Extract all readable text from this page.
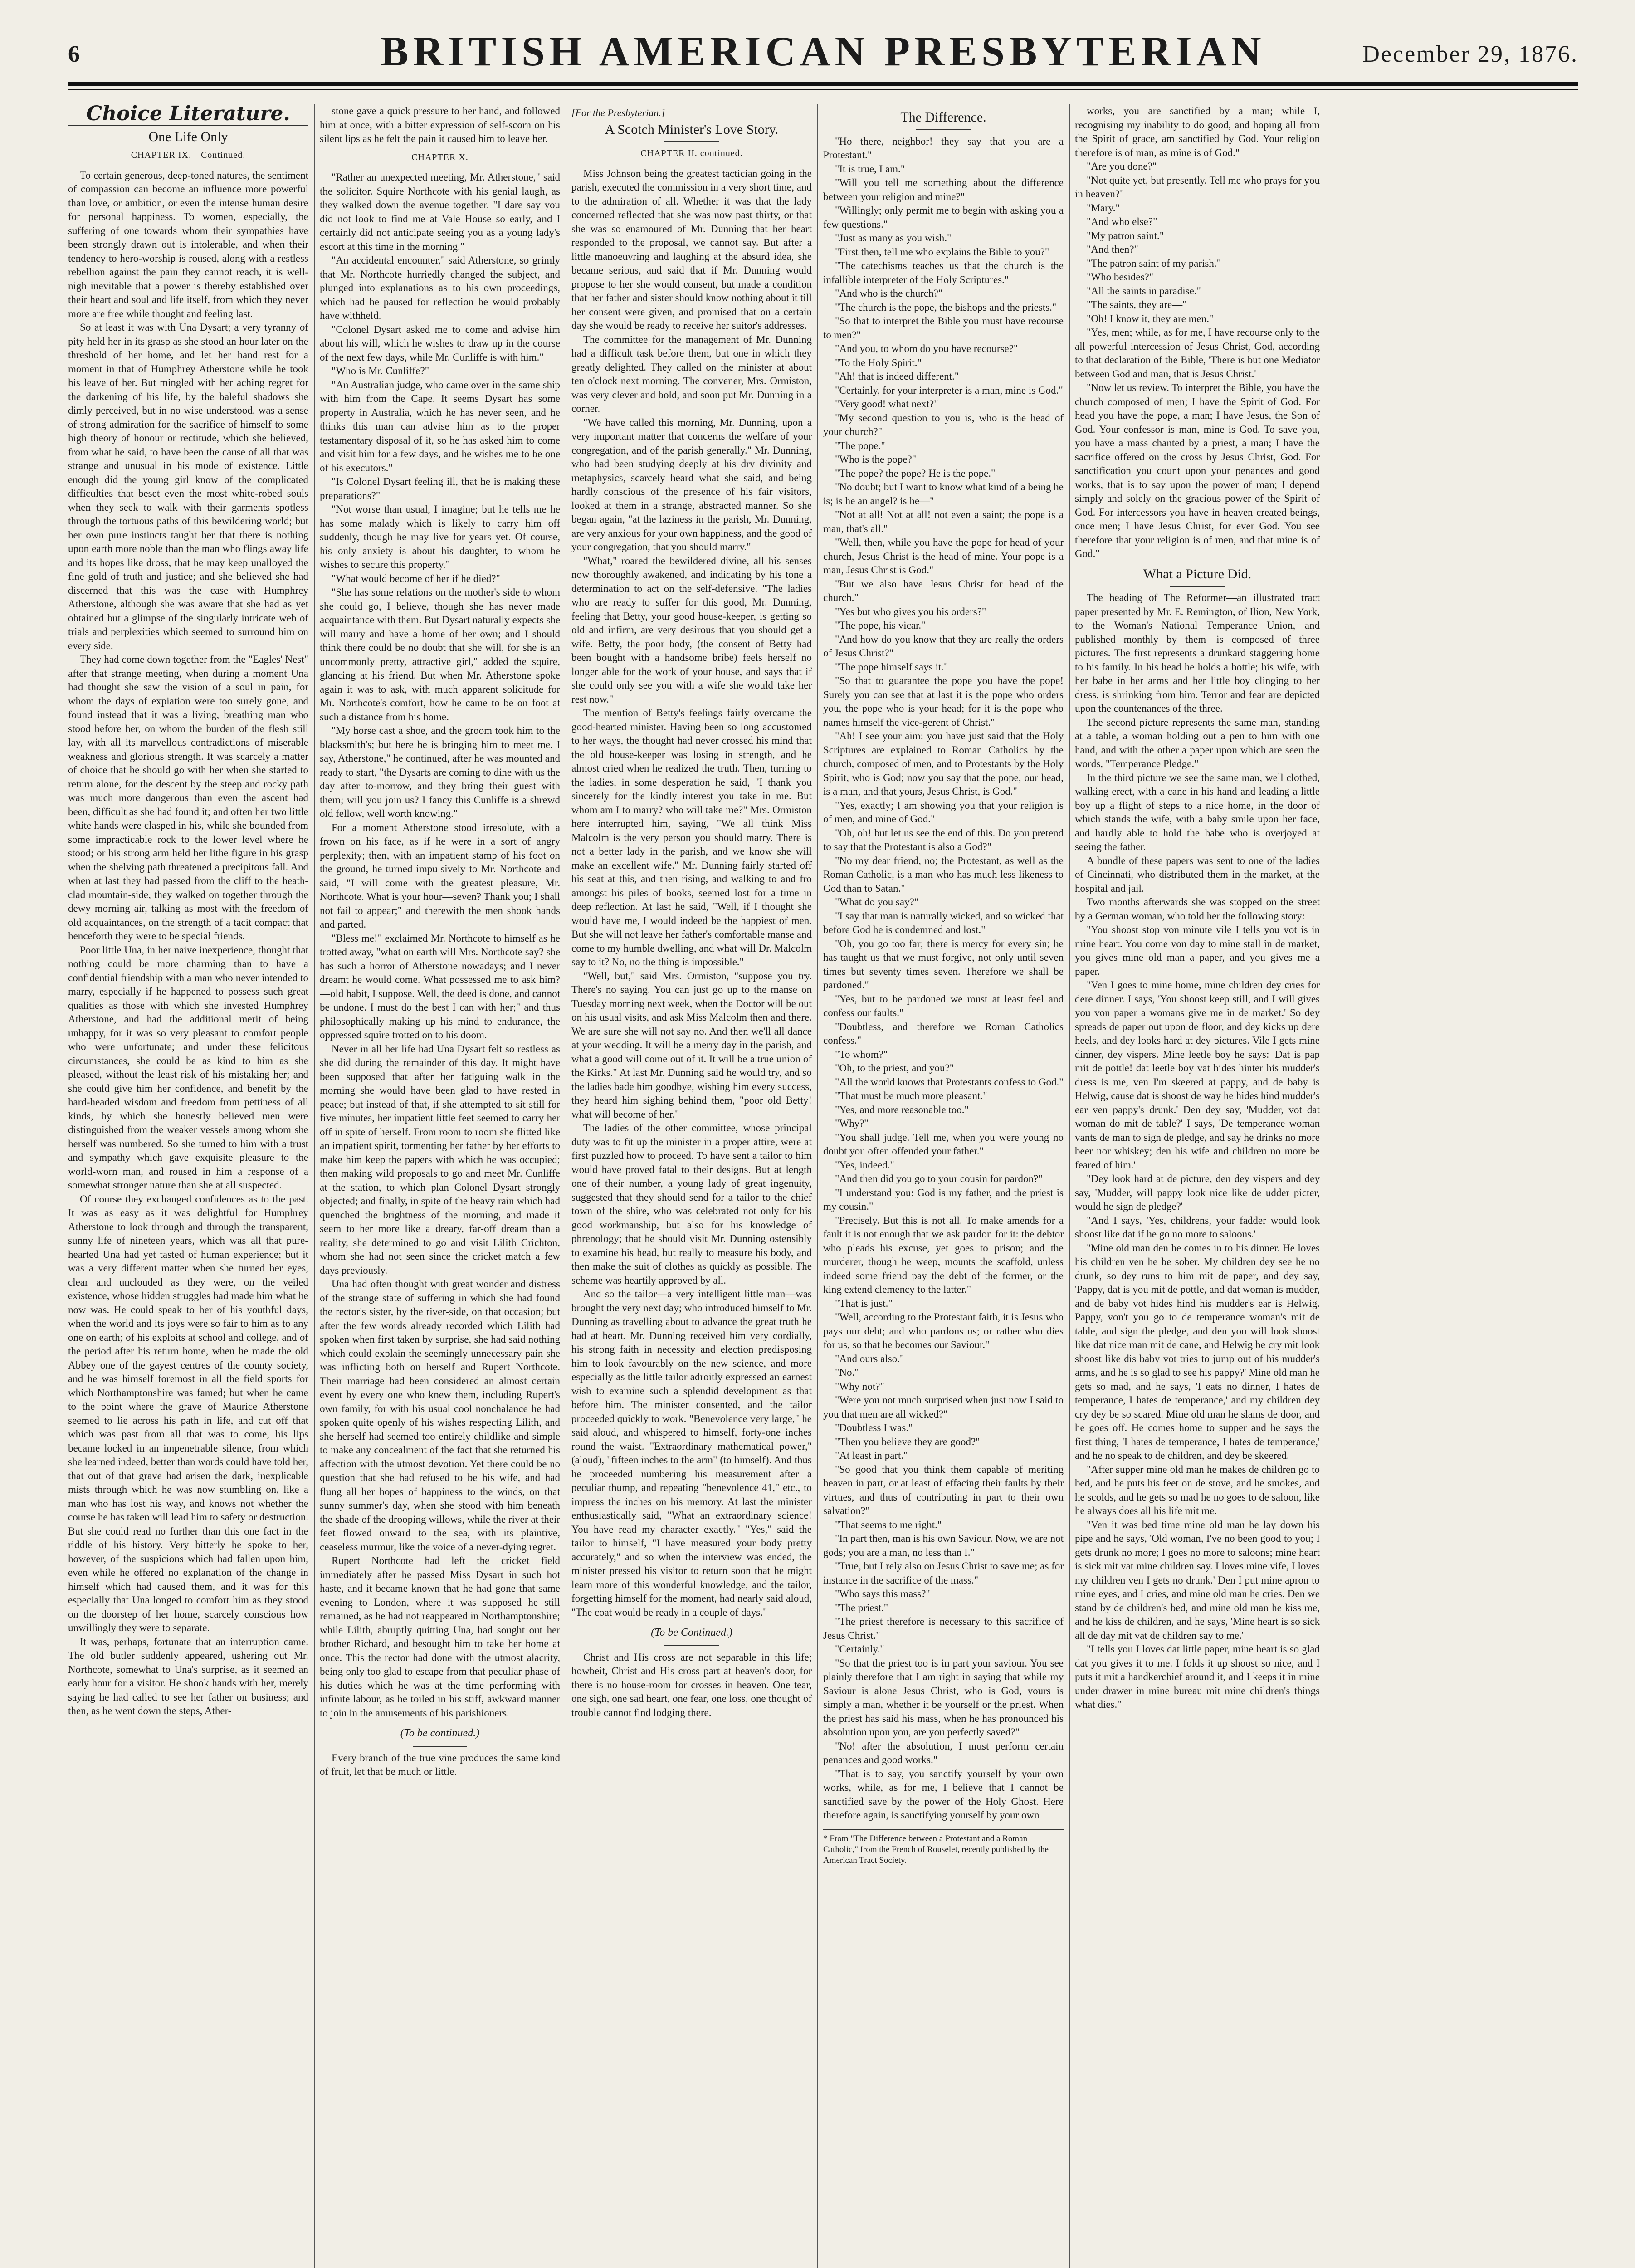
6	BRITISH AMERICAN PRESBYTERIAN	December 29, 1876.
Choice Literature.
One Life Only
CHAPTER IX.—Continued.

To certain generous, deep-toned natures, the sentiment of compassion can become an influence more powerful than love, or ambition, or even the intense human desire for personal happiness. To women, especially, the suffering of one towards whom their sympathies have been strongly drawn out is intolerable, and when their tendency to hero-worship is roused, along with a restless rebellion against the pain they cannot reach, it is well-nigh inevitable that a power is thereby established over their heart and soul and life itself, from which they never more are free while thought and feeling last.

So at least it was with Una Dysart; a very tyranny of pity held her in its grasp as she stood an hour later on the threshold of her home, and let her hand rest for a moment in that of Humphrey Atherstone while he took his leave of her. But mingled with her aching regret for the darkening of his life, by the baleful shadows she dimly perceived, but in no wise understood, was a sense of strong admiration for the sacrifice of himself to some high theory of honour or rectitude, which she believed, from what he said, to have been the cause of all that was strange and unusual in his mode of existence. Little enough did the young girl know of the complicated difficulties that beset even the most white-robed souls when they seek to walk with their garments spotless through the tortuous paths of this bewildering world; but her own pure instincts taught her that there is nothing upon earth more noble than the man who flings away life and its hopes like dross, that he may keep unalloyed the fine gold of truth and justice; and she believed she had discerned that this was the case with Humphrey Atherstone, although she was aware that she had as yet obtained but a glimpse of the singularly intricate web of trials and perplexities which seemed to surround him on every side.

They had come down together from the "Eagles' Nest" after that strange meeting, when during a moment Una had thought she saw the vision of a soul in pain, for whom the days of expiation were too surely gone, and found instead that it was a living, breathing man who stood before her, on whom the burden of the flesh still lay, with all its marvellous contradictions of miserable weakness and glorious strength. It was scarcely a matter of choice that he should go with her when she started to return alone, for the descent by the steep and rocky path was much more dangerous than even the ascent had been, difficult as she had found it; and often her two little white hands were clasped in his, while she bounded from some impracticable rock to the lower level where he stood; or his strong arm held her lithe figure in his grasp when the shelving path threatened a precipitous fall. And when at last they had passed from the cliff to the heath-clad mountain-side, they walked on together through the dewy morning air, talking as most with the freedom of old acquaintances, on the strength of a tacit compact that henceforth they were to be special friends.

Poor little Una, in her naive inexperience, thought that nothing could be more charming than to have a confidential friendship with a man who never intended to marry, especially if he happened to possess such great qualities as those with which she invested Humphrey Atherstone, and had the additional merit of being unhappy, for it was so very pleasant to comfort people who were unfortunate; and under these felicitous circumstances, she could be as kind to him as she pleased, without the least risk of his mistaking her; and she could give him her confidence, and benefit by the hard-headed wisdom and freedom from pettiness of all kinds, by which she honestly believed men were distinguished from the weaker vessels among whom she herself was numbered. So she turned to him with a trust and sympathy which gave exquisite pleasure to the world-worn man, and roused in him a response of a somewhat stronger nature than she at all suspected.

Of course they exchanged confidences as to the past. It was as easy as it was delightful for Humphrey Atherstone to look through and through the transparent, sunny life of nineteen years, which was all that pure-hearted Una had yet tasted of human experience; but it was a very different matter when she turned her eyes, clear and unclouded as they were, on the veiled existence, whose hidden struggles had made him what he now was. He could speak to her of his youthful days, when the world and its joys were so fair to him as to any one on earth; of his exploits at school and college, and of the period after his return home, when he made the old Abbey one of the gayest centres of the county society, and he was himself foremost in all the field sports for which Northamptonshire was famed; but when he came to the point where the grave of Maurice Atherstone seemed to lie across his path in life, and cut off that which was past from all that was to come, his lips became locked in an impenetrable silence, from which she learned indeed, better than words could have told her, that out of that grave had arisen the dark, inexplicable mists through which he was now stumbling on, like a man who has lost his way, and knows not whether the course he has taken will lead him to safety or destruction. But she could read no further than this one fact in the riddle of his history. Very bitterly he spoke to her, however, of the suspicions which had fallen upon him, even while he offered no explanation of the change in himself which had caused them, and it was for this especially that Una longed to comfort him as they stood on the doorstep of her home, scarcely conscious how unwillingly they were to separate.

It was, perhaps, fortunate that an interruption came. The old butler suddenly appeared, ushering out Mr. Northcote, somewhat to Una's surprise, as it seemed an early hour for a visitor. He shook hands with her, merely saying he had called to see her father on business; and then, as he went down the steps, Ather-

stone gave a quick pressure to her hand, and followed him at once, with a bitter expression of self-scorn on his silent lips as he felt the pain it caused him to leave her.

CHAPTER X.

"Rather an unexpected meeting, Mr. Atherstone," said the solicitor. Squire Northcote with his genial laugh, as they walked down the avenue together. "I dare say you did not look to find me at Vale House so early, and I certainly did not anticipate seeing you as a young lady's escort at this time in the morning."

"An accidental encounter," said Atherstone, so grimly that Mr. Northcote hurriedly changed the subject, and plunged into explanations as to his own proceedings, which had he paused for reflection he would probably have withheld.

"Colonel Dysart asked me to come and advise him about his will, which he wishes to draw up in the course of the next few days, while Mr. Cunliffe is with him."

"Who is Mr. Cunliffe?"

"An Australian judge, who came over in the same ship with him from the Cape. It seems Dysart has some property in Australia, which he has never seen, and he thinks this man can advise him as to the proper testamentary disposal of it, so he has asked him to come and visit him for a few days, and he wishes me to be one of his executors."

"Is Colonel Dysart feeling ill, that he is making these preparations?"

"Not worse than usual, I imagine; but he tells me he has some malady which is likely to carry him off suddenly, though he may live for years yet. Of course, his only anxiety is about his daughter, to whom he wishes to secure this property."

"What would become of her if he died?"

"She has some relations on the mother's side to whom she could go, I believe, though she has never made acquaintance with them. But Dysart naturally expects she will marry and have a home of her own; and I should think there could be no doubt that she will, for she is an uncommonly pretty, attractive girl," added the squire, glancing at his friend. But when Mr. Atherstone spoke again it was to ask, with much apparent solicitude for Mr. Northcote's comfort, how he came to be on foot at such a distance from his home.

"My horse cast a shoe, and the groom took him to the blacksmith's; but here he is bringing him to meet me. I say, Atherstone," he continued, after he was mounted and ready to start, "the Dysarts are coming to dine with us the day after to-morrow, and they bring their guest with them; will you join us? I fancy this Cunliffe is a shrewd old fellow, well worth knowing."

For a moment Atherstone stood irresolute, with a frown on his face, as if he were in a sort of angry perplexity; then, with an impatient stamp of his foot on the ground, he turned impulsively to Mr. Northcote and said, "I will come with the greatest pleasure, Mr. Northcote. What is your hour—seven? Thank you; I shall not fail to appear;" and therewith the men shook hands and parted.

"Bless me!" exclaimed Mr. Northcote to himself as he trotted away, "what on earth will Mrs. Northcote say? she has such a horror of Atherstone nowadays; and I never dreamt he would come. What possessed me to ask him?—old habit, I suppose. Well, the deed is done, and cannot be undone. I must do the best I can with her;" and thus philosophically making up his mind to endurance, the oppressed squire trotted on to his doom.

Never in all her life had Una Dysart felt so restless as she did during the remainder of this day. It might have been supposed that after her fatiguing walk in the morning she would have been glad to have rested in peace; but instead of that, if she attempted to sit still for five minutes, her impatient little feet seemed to carry her off in spite of herself. From room to room she flitted like an impatient spirit, tormenting her father by her efforts to make him keep the papers with which he was occupied; then making wild proposals to go and meet Mr. Cunliffe at the station, to which plan Colonel Dysart strongly objected; and finally, in spite of the heavy rain which had quenched the brightness of the morning, and made it seem to her more like a dreary, far-off dream than a reality, she determined to go and visit Lilith Crichton, whom she had not seen since the cricket match a few days previously.

Una had often thought with great wonder and distress of the strange state of suffering in which she had found the rector's sister, by the river-side, on that occasion; but after the few words already recorded which Lilith had spoken when first taken by surprise, she had said nothing which could explain the seemingly unnecessary pain she was inflicting both on herself and Rupert Northcote. Their marriage had been considered an almost certain event by every one who knew them, including Rupert's own family, for with his usual cool nonchalance he had spoken quite openly of his wishes respecting Lilith, and she herself had seemed too entirely childlike and simple to make any concealment of the fact that she returned his affection with the utmost devotion. Yet there could be no question that she had refused to be his wife, and had flung all her hopes of happiness to the winds, on that sunny summer's day, when she stood with him beneath the shade of the drooping willows, while the river at their feet flowed onward to the sea, with its plaintive, ceaseless murmur, like the voice of a never-dying regret.

Rupert Northcote had left the cricket field immediately after he passed Miss Dysart in such hot haste, and it became known that he had gone that same evening to London, where it was supposed he still remained, as he had not reappeared in Northamptonshire; while Lilith, abruptly quitting Una, had sought out her brother Richard, and besought him to take her home at once. This the rector had done with the utmost alacrity, being only too glad to escape from that peculiar phase of his duties which he was at the time performing with infinite labour, as he toiled in his stiff, awkward manner to join in the amusements of his parishioners.

(To be continued.)

Every branch of the true vine produces the same kind of fruit, let that be much or little.

[For the Presbyterian.]
A Scotch Minister's Love Story.
CHAPTER II. continued.

Miss Johnson being the greatest tactician going in the parish, executed the commission in a very short time, and to the admiration of all. Whether it was that the lady concerned reflected that she was now past thirty, or that she was so enamoured of Mr. Dunning that her heart responded to the proposal, we cannot say. But after a little manoeuvring and laughing at the absurd idea, she became serious, and said that if Mr. Dunning would propose to her she would consent, but made a condition that her father and sister should know nothing about it till her consent were given, and promised that on a certain day she would be ready to receive her suitor's addresses.

The committee for the management of Mr. Dunning had a difficult task before them, but one in which they greatly delighted. They called on the minister at about ten o'clock next morning. The convener, Mrs. Ormiston, was very clever and bold, and soon put Mr. Dunning in a corner.

"We have called this morning, Mr. Dunning, upon a very important matter that concerns the welfare of your congregation, and of the parish generally." Mr. Dunning, who had been studying deeply at his dry divinity and metaphysics, scarcely heard what she said, and being hardly conscious of the presence of his fair visitors, looked at them in a strange, abstracted manner. So she began again, "at the laziness in the parish, Mr. Dunning, are very anxious for your own happiness, and the good of your congregation, that you should marry."

"What," roared the bewildered divine, all his senses now thoroughly awakened, and indicating by his tone a determination to act on the self-defensive. "The ladies who are ready to suffer for this good, Mr. Dunning, feeling that Betty, your good house-keeper, is getting so old and infirm, are very desirous that you should get a wife. Betty, the poor body, (the consent of Betty had been bought with a handsome bribe) feels herself no longer able for the work of your house, and says that if she could only see you with a wife she would take her rest now."

The mention of Betty's feelings fairly overcame the good-hearted minister. Having been so long accustomed to her ways, the thought had never crossed his mind that the old house-keeper was losing in strength, and he almost cried when he realized the truth. Then, turning to the ladies, in some desperation he said, "I thank you sincerely for the kindly interest you take in me. But whom am I to marry? who will take me?" Mrs. Ormiston here interrupted him, saying, "We all think Miss Malcolm is the very person you should marry. There is not a better lady in the parish, and we know she will make an excellent wife." Mr. Dunning fairly started off his seat at this, and then rising, and walking to and fro amongst his piles of books, seemed lost for a time in deep reflection. At last he said, "Well, if I thought she would have me, I would indeed be the happiest of men. But she will not leave her father's comfortable manse and come to my humble dwelling, and what will Dr. Malcolm say to it? No, no the thing is impossible."

"Well, but," said Mrs. Ormiston, "suppose you try. There's no saying. You can just go up to the manse on Tuesday morning next week, when the Doctor will be out on his usual visits, and ask Miss Malcolm then and there. We are sure she will not say no. And then we'll all dance at your wedding. It will be a merry day in the parish, and what a good will come out of it. It will be a true union of the Kirks." At last Mr. Dunning said he would try, and so the ladies bade him goodbye, wishing him every success, they heard him sighing behind them, "poor old Betty! what will become of her."

The ladies of the other committee, whose principal duty was to fit up the minister in a proper attire, were at first puzzled how to proceed. To have sent a tailor to him would have proved fatal to their designs. But at length one of their number, a young lady of great ingenuity, suggested that they should send for a tailor to the chief town of the shire, who was celebrated not only for his good workmanship, but also for his knowledge of phrenology; that he should visit Mr. Dunning ostensibly to examine his head, but really to measure his body, and then make the suit of clothes as quickly as possible. The scheme was heartily approved by all.

And so the tailor—a very intelligent little man—was brought the very next day; who introduced himself to Mr. Dunning as travelling about to advance the great truth he had at heart. Mr. Dunning received him very cordially, his strong faith in necessity and election predisposing him to look favourably on the new science, and more especially as the little tailor adroitly expressed an earnest wish to examine such a splendid development as that before him. The minister consented, and the tailor proceeded quickly to work. "Benevolence very large," he said aloud, and whispered to himself, forty-one inches round the waist. "Extraordinary mathematical power," (aloud), "fifteen inches to the arm" (to himself). And thus he proceeded numbering his measurement after a peculiar thump, and repeating "benevolence 41," etc., to impress the inches on his memory. At last the minister enthusiastically said, "What an extraordinary science! You have read my character exactly." "Yes," said the tailor to himself, "I have measured your body pretty accurately," and so when the interview was ended, the minister pressed his visitor to return soon that he might learn more of this wonderful knowledge, and the tailor, forgetting himself for the moment, had nearly said aloud, "The coat would be ready in a couple of days."

(To be Continued.)

Christ and His cross are not separable in this life; howbeit, Christ and His cross part at heaven's door, for there is no house-room for crosses in heaven. One tear, one sigh, one sad heart, one fear, one loss, one thought of trouble cannot find lodging there.

The Difference.

"Ho there, neighbor! they say that you are a Protestant."

"It is true, I am."

"Will you tell me something about the difference between your religion and mine?"

"Willingly; only permit me to begin with asking you a few questions."

"Just as many as you wish."

"First then, tell me who explains the Bible to you?"

"The catechisms teaches us that the church is the infallible interpreter of the Holy Scriptures."

"And who is the church?"

"The church is the pope, the bishops and the priests."

"So that to interpret the Bible you must have recourse to men?"

"And you, to whom do you have recourse?"

"To the Holy Spirit."

"Ah! that is indeed different."

"Certainly, for your interpreter is a man, mine is God."

"Very good! what next?"

"My second question to you is, who is the head of your church?"

"The pope."

"Who is the pope?"

"The pope? the pope? He is the pope."

"No doubt; but I want to know what kind of a being he is; is he an angel? is he—"

"Not at all! Not at all! not even a saint; the pope is a man, that's all."

"Well, then, while you have the pope for head of your church, Jesus Christ is the head of mine. Your pope is a man, Jesus Christ is God."

"But we also have Jesus Christ for head of the church."

"Yes but who gives you his orders?"

"The pope, his vicar."

"And how do you know that they are really the orders of Jesus Christ?"

"The pope himself says it."

"So that to guarantee the pope you have the pope! Surely you can see that at last it is the pope who orders you, the pope who is your head; for it is the pope who names himself the vice-gerent of Christ."

"Ah! I see your aim: you have just said that the Holy Scriptures are explained to Roman Catholics by the church, composed of men, and to Protestants by the Holy Spirit, who is God; now you say that the pope, our head, is a man, and that yours, Jesus Christ, is God."

"Yes, exactly; I am showing you that your religion is of men, and mine of God."

"Oh, oh! but let us see the end of this. Do you pretend to say that the Protestant is also a God?"

"No my dear friend, no; the Protestant, as well as the Roman Catholic, is a man who has much less likeness to God than to Satan."

"What do you say?"

"I say that man is naturally wicked, and so wicked that before God he is condemned and lost."

"Oh, you go too far; there is mercy for every sin; he has taught us that we must forgive, not only until seven times but seventy times seven. Therefore we shall be pardoned."

"Yes, but to be pardoned we must at least feel and confess our faults."

"Doubtless, and therefore we Roman Catholics confess."

"To whom?"

"Oh, to the priest, and you?"

"All the world knows that Protestants confess to God."

"That must be much more pleasant."

"Yes, and more reasonable too."

"Why?"

"You shall judge. Tell me, when you were young no doubt you often offended your father."

"Yes, indeed."

"And then did you go to your cousin for pardon?"

"I understand you: God is my father, and the priest is my cousin."

"Precisely. But this is not all. To make amends for a fault it is not enough that we ask pardon for it: the debtor who pleads his excuse, yet goes to prison; and the murderer, though he weep, mounts the scaffold, unless indeed some friend pay the debt of the former, or the king extend clemency to the latter."

"That is just."

"Well, according to the Protestant faith, it is Jesus who pays our debt; and who pardons us; or rather who dies for us, so that he becomes our Saviour."

"And ours also."

"No."

"Why not?"

"Were you not much surprised when just now I said to you that men are all wicked?"

"Doubtless I was."

"Then you believe they are good?"

"At least in part."

"So good that you think them capable of meriting heaven in part, or at least of effacing their faults by their virtues, and thus of contributing in part to their own salvation?"

"That seems to me right."

"In part then, man is his own Saviour. Now, we are not gods; you are a man, no less than I."

"True, but I rely also on Jesus Christ to save me; as for instance in the sacrifice of the mass."

"Who says this mass?"

"The priest."

"The priest therefore is necessary to this sacrifice of Jesus Christ."

"Certainly."

"So that the priest too is in part your saviour. You see plainly therefore that I am right in saying that while my Saviour is alone Jesus Christ, who is God, yours is simply a man, whether it be yourself or the priest. When the priest has said his mass, when he has pronounced his absolution upon you, are you perfectly saved?"

"No! after the absolution, I must perform certain penances and good works."

"That is to say, you sanctify yourself by your own works, while, as for me, I believe that I cannot be sanctified save by the power of the Holy Ghost. Here therefore again, is sanctifying yourself by your own

* From "The Difference between a Protestant and a Roman Catholic," from the French of Rouselet, recently published by the American Tract Society.

works, you are sanctified by a man; while I, recognising my inability to do good, and hoping all from the Spirit of grace, am sanctified by God. Your religion therefore is of man, as mine is of God."

"Are you done?"

"Not quite yet, but presently. Tell me who prays for you in heaven?"

"Mary."

"And who else?"

"My patron saint."

"And then?"

"The patron saint of my parish."

"Who besides?"

"All the saints in paradise."

"The saints, they are—"

"Oh! I know it, they are men."

"Yes, men; while, as for me, I have recourse only to the all powerful intercession of Jesus Christ, God, according to that declaration of the Bible, 'There is but one Mediator between God and man, that is Jesus Christ.'

"Now let us review. To interpret the Bible, you have the church composed of men; I have the Spirit of God. For head you have the pope, a man; I have Jesus, the Son of God. Your confessor is man, mine is God. To save you, you have a mass chanted by a priest, a man; I have the sacrifice offered on the cross by Jesus Christ, God. For sanctification you count upon your penances and good works, that is to say upon the power of man; I depend simply and solely on the gracious power of the Spirit of God. For intercessors you have in heaven created beings, once men; I have Jesus Christ, for ever God. You see therefore that your religion is of men, and that mine is of God."

What a Picture Did.

The heading of The Reformer—an illustrated tract paper presented by Mr. E. Remington, of Ilion, New York, to the Woman's National Temperance Union, and published monthly by them—is composed of three pictures. The first represents a drunkard staggering home to his family. In his head he holds a bottle; his wife, with her babe in her arms and her little boy clinging to her dress, is shrinking from him. Terror and fear are depicted upon the countenances of the three.

The second picture represents the same man, standing at a table, a woman holding out a pen to him with one hand, and with the other a paper upon which are seen the words, "Temperance Pledge."

In the third picture we see the same man, well clothed, walking erect, with a cane in his hand and leading a little boy up a flight of steps to a nice home, in the door of which stands the wife, with a baby smile upon her face, and hardly able to hold the babe who is overjoyed at seeing the father.

A bundle of these papers was sent to one of the ladies of Cincinnati, who distributed them in the market, at the hospital and jail.

Two months afterwards she was stopped on the street by a German woman, who told her the following story:

"You shoost stop von minute vile I tells you vot is in mine heart. You come von day to mine stall in de market, you gives mine old man a paper, and you gives me a paper.

"Ven I goes to mine home, mine children dey cries for dere dinner. I says, 'You shoost keep still, and I will gives you von paper a womans give me in de market.' So dey spreads de paper out upon de floor, and dey kicks up dere heels, and dey looks hard at dey pictures. Vile I gets mine dinner, dey vispers. Mine leetle boy he says: 'Dat is pap mit de pottle! dat leetle boy vat hides hinter his mudder's dress is me, ven I'm skeered at pappy, and de baby is Helwig, cause dat is shoost de way he hides hind mudder's ear ven pappy's drunk.' Den dey say, 'Mudder, vot dat woman do mit de table?' I says, 'De temperance woman vants de man to sign de pledge, and say he drinks no more beer nor whiskey; den his wife and children no more be feared of him.'

"Dey look hard at de picture, den dey vispers and dey say, 'Mudder, will pappy look nice like de udder picter, would he sign de pledge?'

"And I says, 'Yes, childrens, your fadder would look shoost like dat if he go no more to saloons.'

"Mine old man den he comes in to his dinner. He loves his children ven he be sober. My children dey see he no drunk, so dey runs to him mit de paper, and dey say, 'Pappy, dat is you mit de pottle, and dat woman is mudder, and de baby vot hides hind his mudder's ear is Helwig. Pappy, von't you go to de temperance woman's mit de table, and sign the pledge, and den you will look shoost like dat nice man mit de cane, and Helwig be cry mit look shoost like dis baby vot tries to jump out of his mudder's arms, and he is so glad to see his pappy?' Mine old man he gets so mad, and he says, 'I eats no dinner, I hates de temperance, I hates de temperance,' and my children dey cry dey be so scared. Mine old man he slams de door, and he goes off. He comes home to supper and he says the first thing, 'I hates de temperance, I hates de temperance,' and he no speak to de children, and dey be skeered.

"After supper mine old man he makes de children go to bed, and he puts his feet on de stove, and he smokes, and he scolds, and he gets so mad he no goes to de saloon, like he always does all his life mit me.

"Ven it was bed time mine old man he lay down his pipe and he says, 'Old woman, I've no been good to you; I gets drunk no more; I goes no more to saloons; mine heart is sick mit vat mine children say. I loves mine vife, I loves my children ven I gets no drunk.' Den I put mine apron to mine eyes, and I cries, and mine old man he cries. Den we stand by de children's bed, and mine old man he kiss me, and he kiss de children, and he says, 'Mine heart is so sick all de day mit vat de children say to me.'

"I tells you I loves dat little paper, mine heart is so glad dat you gives it to me. I folds it up shoost so nice, and I puts it mit a handkerchief around it, and I keeps it in mine under drawer in mine bureau mit mine children's things what dies."
